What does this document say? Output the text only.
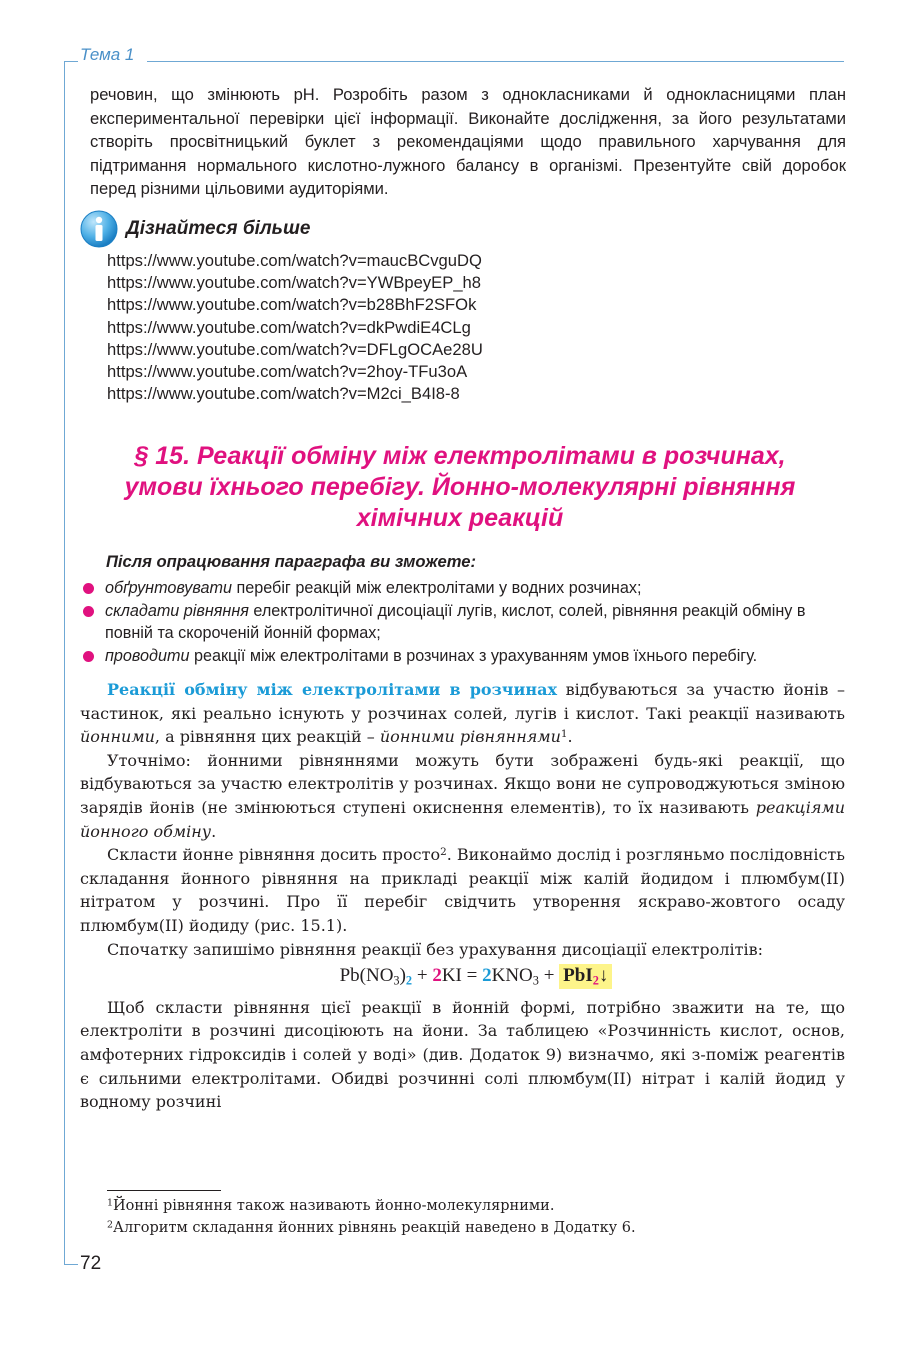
Тема 1
речовин, що змінюють pH. Розробіть разом з однокласниками й однокласницями план експериментальної перевірки цієї інформації. Виконайте дослідження, за його результатами створіть просвітницький буклет з рекомендаціями щодо правильного харчування для підтримання нормального кислотно-лужного балансу в організмі. Презентуйте свій доробок перед різними цільовими аудиторіями.
Дізнайтеся більше
https://www.youtube.com/watch?v=maucBCvguDQ
https://www.youtube.com/watch?v=YWBpeyEP_h8
https://www.youtube.com/watch?v=b28BhF2SFOk
https://www.youtube.com/watch?v=dkPwdiE4CLg
https://www.youtube.com/watch?v=DFLgOCAe28U
https://www.youtube.com/watch?v=2hoy-TFu3oA
https://www.youtube.com/watch?v=M2ci_B4I8-8
§ 15. Реакції обміну між електролітами в розчинах,
умови їхнього перебігу. Йонно-молекулярні рівняння
хімічних реакцій
Після опрацювання параграфа ви зможете:
обґрунтовувати перебіг реакцій між електролітами у водних розчинах;
складати рівняння електролітичної дисоціації лугів, кислот, солей, рівняння реакцій обміну в повній та скороченій йонній формах;
проводити реакції між електролітами в розчинах з урахуванням умов їхнього перебігу.

Реакції обміну між електролітами в розчинах відбуваються за участю йонів – частинок, які реально існують у розчинах солей, лугів і кислот. Такі реакції називають йонними, а рівняння цих реакцій – йонними рівняннями$^1$.

Уточнімо: йонними рівняннями можуть бути зображені будь-які реакції, що відбуваються за участю електролітів у розчинах. Якщо вони не супроводжуються зміною зарядів йонів (не змінюються ступені окиснення елементів), то їх називають реакціями йонного обміну.

Скласти йонне рівняння досить просто$^2$. Виконаймо дослід і розгляньмо послідовність складання йонного рівняння на прикладі реакції між калій йодидом і плюмбум(II) нітратом у розчині. Про її перебіг свідчить утворення яскраво-жовтого осаду плюмбум(II) йодиду (рис. 15.1).

Спочатку запишімо рівняння реакції без урахування дисоціації електролітів:

$Pb(NO_3)_2 + 2KI = 2KNO_3$ + PbI$_2$↓

Щоб скласти рівняння цієї реакції в йонній формі, потрібно зважити на те, що електроліти в розчині дисоціюють на йони. За таблицею «Розчинність кислот, основ, амфотерних гідроксидів і солей у воді» (див. Додаток 9) визначмо, які з-поміж реагентів є сильними електролітами. Обидві розчинні солі плюмбум(II) нітрат і калій йодид у водному розчині

$^1$Йонні рівняння також називають йонно-молекулярними.
$^2$Алгоритм складання йонних рівнянь реакцій наведено в Додатку 6.
72
